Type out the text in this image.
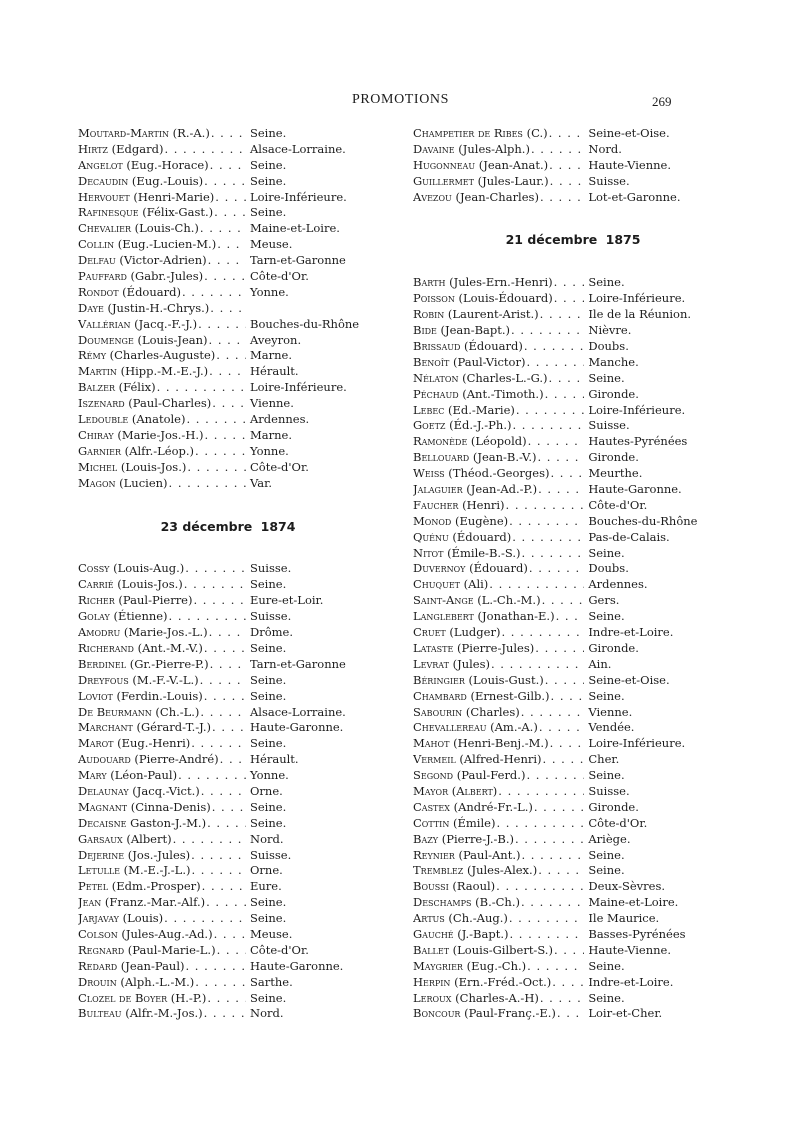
PROMOTIONS	269
Moutard-Martin (R.-A.) . . .	Seine.
Hirtz (Edgard) . . .	Alsace-Lorraine.
Angelot (Eug.-Horace) . . .	Seine.
Decaudin (Eug.-Louis) . . .	Seine.
Hervouet (Henri-Marie) . . .	Loire-Inférieure.
Rafinesque (Félix-Gast.) . . .	Seine.
Chevalier (Louis-Ch.) . . .	Maine-et-Loire.
Collin (Eug.-Lucien-M.) . . .	Meuse.
Delfau (Victor-Adrien) . . .	Tarn-et-Garonne
Pauffard (Gabr.-Jules) . . .	Côte-d'Or.
Rondot (Édouard) . . .	Yonne.
Daye (Justin-H.-Chrys.) . . .
Vallérian (Jacq.-F.-J.) . . .	Bouches-du-Rhône
Doumenge (Louis-Jean) . . .	Aveyron.
Rémy (Charles-Auguste) . . .	Marne.
Martin (Hipp.-M.-E.-J.) . . .	Hérault.
Balzer (Félix) . . .	Loire-Inférieure.
Iszenard (Paul-Charles) . . .	Vienne.
Ledouble (Anatole) . . .	Ardennes.
Chiray (Marie-Jos.-H.) . . .	Marne.
Garnier (Alfr.-Léop.) . . .	Yonne.
Michel (Louis-Jos.) . . .	Côte-d'Or.
Magon (Lucien) . . .	Var.
23 décembre 1874
Cossy (Louis-Aug.) . . .	Suisse.
Carrié (Louis-Jos.) . . .	Seine.
Richer (Paul-Pierre) . . .	Eure-et-Loir.
Golay (Étienne) . . .	Suisse.
Amodru (Marie-Jos.-L.) . . .	Drôme.
Richerand (Ant.-M.-V.) . . .	Seine.
Berdinel (Gr.-Pierre-P.) . . .	Tarn-et-Garonne
Dreyfous (M.-F.-V.-L.) . . .	Seine.
Loviot (Ferdin.-Louis) . . .	Seine.
De Beurmann (Ch.-L.) . . .	Alsace-Lorraine.
Marchant (Gérard-T.-J.) . . .	Haute-Garonne.
Marot (Eug.-Henri) . . .	Seine.
Audouard (Pierre-André) . . .	Hérault.
Mary (Léon-Paul) . . .	Yonne.
Delaunay (Jacq.-Vict.) . . .	Orne.
Magnant (Cinna-Denis) . . .	Seine.
Decaisne Gaston-J.-M.) . . .	Seine.
Garsaux (Albert) . . .	Nord.
Dejerine (Jos.-Jules) . . .	Suisse.
Letulle (M.-E.-J.-L.) . . .	Orne.
Petel (Edm.-Prosper) . . .	Eure.
Jean (Franz.-Mar.-Alf.) . . .	Seine.
Jarjavay (Louis) . . .	Seine.
Colson (Jules-Aug.-Ad.) . . .	Meuse.
Regnard (Paul-Marie-L.) . . .	Côte-d'Or.
Redard (Jean-Paul) . . .	Haute-Garonne.
Drouin (Alph.-L.-M.) . . .	Sarthe.
Clozel de Boyer (H.-P.) . . .	Seine.
Bulteau (Alfr.-M.-Jos.) . . .	Nord.
Champetier de Ribes (C.) . . .	Seine-et-Oise.
Davaine (Jules-Alph.) . . .	Nord.
Hugonneau (Jean-Anat.) . . .	Haute-Vienne.
Guillermet (Jules-Laur.) . . .	Suisse.
Avezou (Jean-Charles) . . .	Lot-et-Garonne.
21 décembre 1875
Barth (Jules-Ern.-Henri) . . .	Seine.
Poisson (Louis-Édouard) . . .	Loire-Inférieure.
Robin (Laurent-Arist.) . . .	Ile de la Réunion.
Bide (Jean-Bapt.) . . .	Nièvre.
Brissaud (Édouard) . . .	Doubs.
Benoît (Paul-Victor) . . .	Manche.
Nélaton (Charles-L.-G.) . . .	Seine.
Péchaud (Ant.-Timoth.) . . .	Gironde.
Lebec (Ed.-Marie) . . .	Loire-Inférieure.
Goetz (Éd.-J.-Ph.) . . .	Suisse.
Ramonède (Léopold) . . .	Hautes-Pyrénées
Bellouard (Jean-B.-V.) . . .	Gironde.
Weiss (Théod.-Georges) . . .	Meurthe.
Jalaguier (Jean-Ad.-P.) . . .	Haute-Garonne.
Faucher (Henri) . . .	Côte-d'Or.
Monod (Eugène) . . .	Bouches-du-Rhône
Quénu (Édouard) . . .	Pas-de-Calais.
Nitot (Émile-B.-S.) . . .	Seine.
Duvernoy (Édouard) . . .	Doubs.
Chuquet (Ali) . . .	Ardennes.
Saint-Ange (L.-Ch.-M.) . . .	Gers.
Langlebert (Jonathan-E.) . . .	Seine.
Cruet (Ludger) . . .	Indre-et-Loire.
Lataste (Pierre-Jules) . . .	Gironde.
Levrat (Jules) . . .	Ain.
Béringier (Louis-Gust.) . . .	Seine-et-Oise.
Chambard (Ernest-Gilb.) . . .	Seine.
Sabourin (Charles) . . .	Vienne.
Chevallereau (Am.-A.) . . .	Vendée.
Mahot (Henri-Benj.-M.) . . .	Loire-Inférieure.
Vermeil (Alfred-Henri) . . .	Cher.
Segond (Paul-Ferd.) . . .	Seine.
Mayor (Albert) . . .	Suisse.
Castex (André-Fr.-L.) . . .	Gironde.
Cottin (Émile) . . .	Côte-d'Or.
Bazy (Pierre-J.-B.) . . .	Ariège.
Reynier (Paul-Ant.) . . .	Seine.
Tremblez (Jules-Alex.) . . .	Seine.
Boussi (Raoul) . . .	Deux-Sèvres.
Deschamps (B.-Ch.) . . .	Maine-et-Loire.
Artus (Ch.-Aug.) . . .	Ile Maurice.
Gauché (J.-Bapt.) . . .	Basses-Pyrénées
Ballet (Louis-Gilbert-S.) . . .	Haute-Vienne.
Maygrier (Eug.-Ch.) . . .	Seine.
Herpin (Ern.-Fréd.-Oct.) . . .	Indre-et-Loire.
Leroux (Charles-A.-H) . . .	Seine.
Boncour (Paul-Franç.-E.) . . .	Loir-et-Cher.
